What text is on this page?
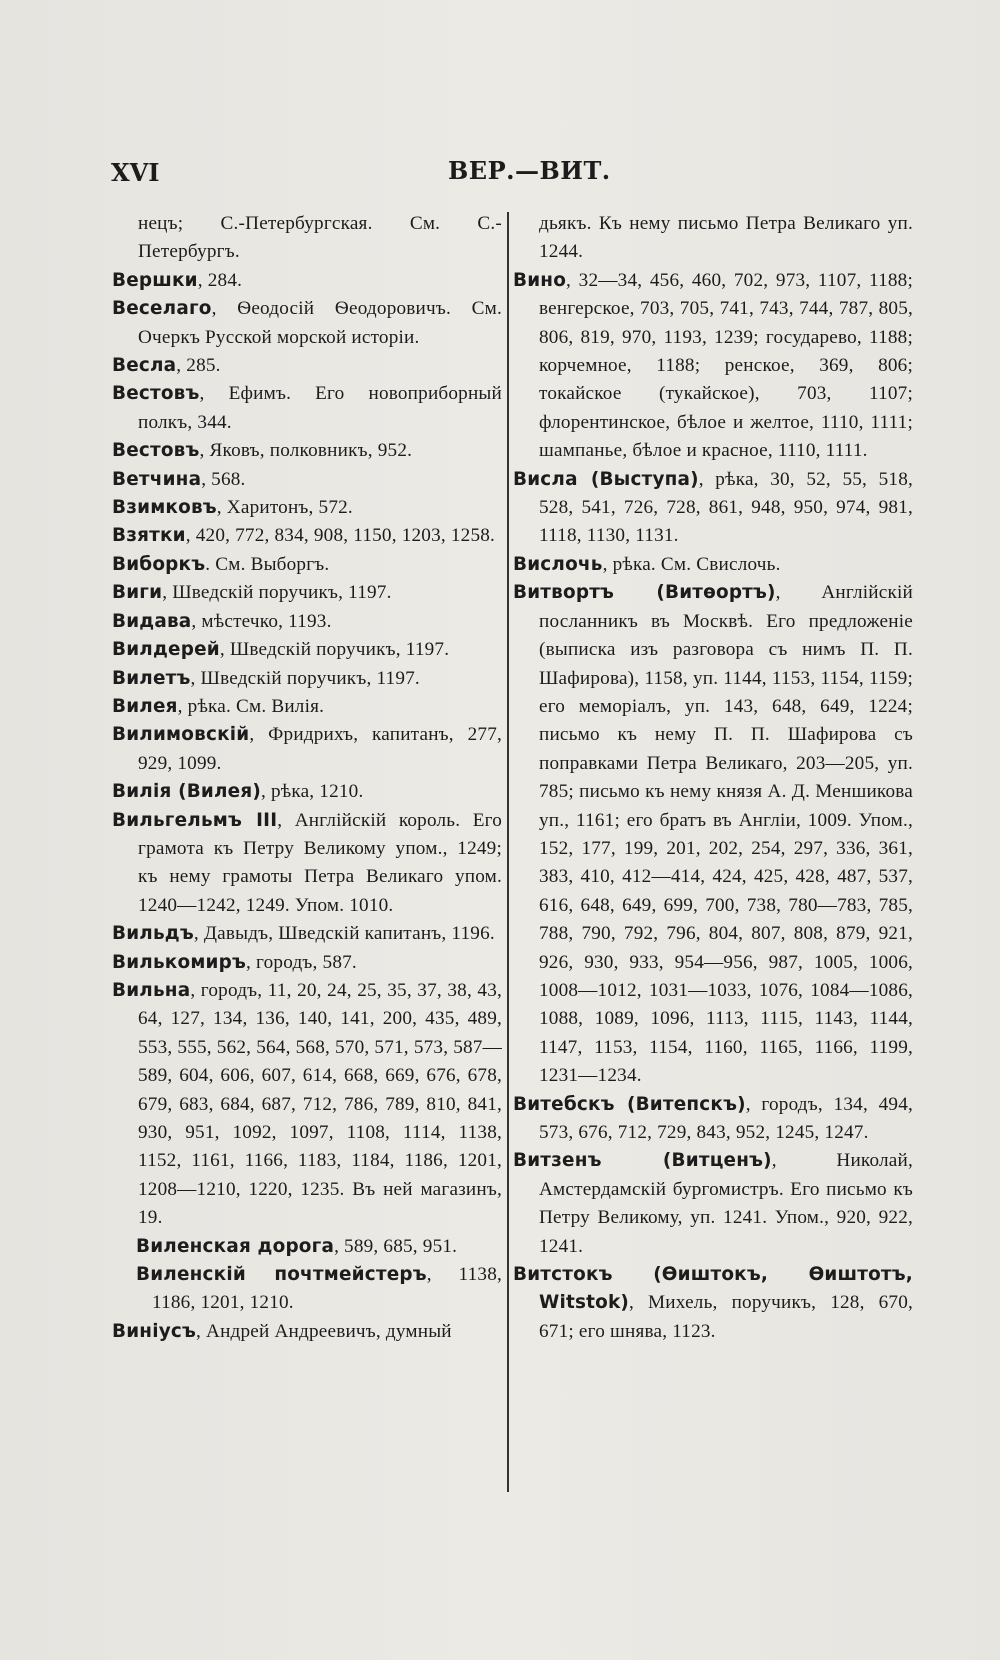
XVI	ВЕР.—ВИТ.

нецъ; С.-Петербургская. См. С.-Петербургъ.

Вершки, 284.

Веселаго, Ѳеодосій Ѳеодоровичъ. См. Очеркъ Русской морской исторіи.

Весла, 285.

Вестовъ, Ефимъ. Его новоприборный полкъ, 344.

Вестовъ, Яковъ, полковникъ, 952.

Ветчина, 568.

Взимковъ, Харитонъ, 572.

Взятки, 420, 772, 834, 908, 1150, 1203, 1258.

Виборкъ. См. Выборгъ.

Виги, Шведскій поручикъ, 1197.

Видава, мѣстечко, 1193.

Вилдерей, Шведскій поручикъ, 1197.

Вилетъ, Шведскій поручикъ, 1197.

Вилея, рѣка. См. Вилія.

Вилимовскій, Фридрихъ, капитанъ, 277, 929, 1099.

Вилія (Вилея), рѣка, 1210.

Вильгельмъ III, Англійскій король. Его грамота къ Петру Великому упом., 1249; къ нему грамоты Петра Великаго упом. 1240—1242, 1249. Упом. 1010.

Вильдъ, Давыдъ, Шведскій капитанъ, 1196.

Вилькомиръ, городъ, 587.

Вильна, городъ, 11, 20, 24, 25, 35, 37, 38, 43, 64, 127, 134, 136, 140, 141, 200, 435, 489, 553, 555, 562, 564, 568, 570, 571, 573, 587—589, 604, 606, 607, 614, 668, 669, 676, 678, 679, 683, 684, 687, 712, 786, 789, 810, 841, 930, 951, 1092, 1097, 1108, 1114, 1138, 1152, 1161, 1166, 1183, 1184, 1186, 1201, 1208—1210, 1220, 1235. Въ ней магазинъ, 19.

Виленская дорога, 589, 685, 951.

Виленскій почтмейстеръ, 1138, 1186, 1201, 1210.

Виніусъ, Андрей Андреевичъ, думный

дьякъ. Къ нему письмо Петра Великаго уп. 1244.

Вино, 32—34, 456, 460, 702, 973, 1107, 1188; венгерское, 703, 705, 741, 743, 744, 787, 805, 806, 819, 970, 1193, 1239; государево, 1188; корчемное, 1188; ренское, 369, 806; токайское (тукайское), 703, 1107; флорентинское, бѣлое и желтое, 1110, 1111; шампанье, бѣлое и красное, 1110, 1111.

Висла (Выступа), рѣка, 30, 52, 55, 518, 528, 541, 726, 728, 861, 948, 950, 974, 981, 1118, 1130, 1131.

Вислочь, рѣка. См. Свислочь.

Витвортъ (Витѳортъ), Англійскій посланникъ въ Москвѣ. Его предложеніе (выписка изъ разговора съ нимъ П. П. Шафирова), 1158, уп. 1144, 1153, 1154, 1159; его меморіалъ, уп. 143, 648, 649, 1224; письмо къ нему П. П. Шафирова съ поправками Петра Великаго, 203—205, уп. 785; письмо къ нему князя А. Д. Меншикова уп., 1161; его братъ въ Англіи, 1009. Упом., 152, 177, 199, 201, 202, 254, 297, 336, 361, 383, 410, 412—414, 424, 425, 428, 487, 537, 616, 648, 649, 699, 700, 738, 780—783, 785, 788, 790, 792, 796, 804, 807, 808, 879, 921, 926, 930, 933, 954—956, 987, 1005, 1006, 1008—1012, 1031—1033, 1076, 1084—1086, 1088, 1089, 1096, 1113, 1115, 1143, 1144, 1147, 1153, 1154, 1160, 1165, 1166, 1199, 1231—1234.

Витебскъ (Витепскъ), городъ, 134, 494, 573, 676, 712, 729, 843, 952, 1245, 1247.

Витзенъ (Витценъ), Николай, Амстердамскій бургомистръ. Его письмо къ Петру Великому, уп. 1241. Упом., 920, 922, 1241.

Витстокъ (Ѳиштокъ, Ѳиштотъ, Witstok), Михель, поручикъ, 128, 670, 671; его шнява, 1123.
